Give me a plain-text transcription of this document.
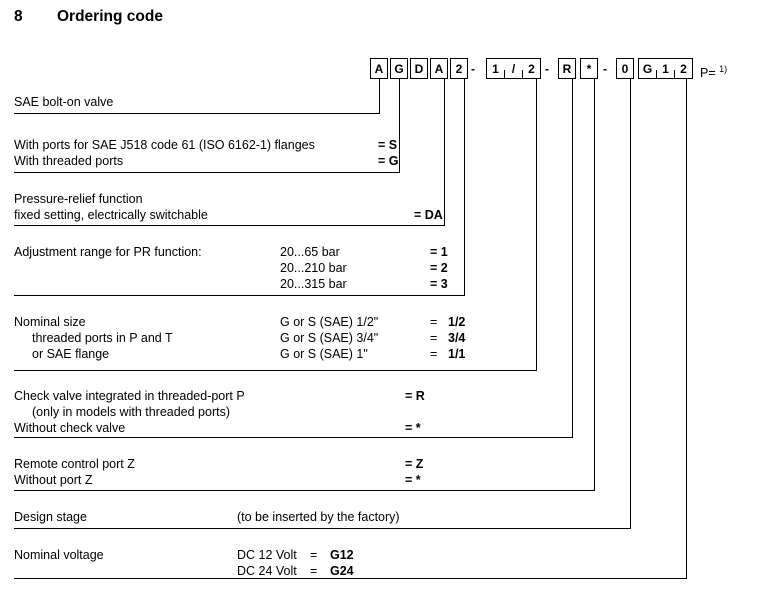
8 Ordering code
A G D A	2 -	1	/	2 -	R	* -	0	G 1 2	P= $^{1)}$
SAE bolt-on valve
With ports for SAE J518 code 61 (ISO 6162-1) flanges	= S
With threaded ports	= G
Pressure-relief function
fixed setting, electrically switchable	= DA
Adjustment range for PR function:	20...65 bar	= 1
20...210 bar	= 2
20...315 bar	= 3
Nominal size	G or S (SAE) 1/2"	= 1/2
threaded ports in P and T	G or S (SAE) 3/4"	= 3/4
or SAE flange	G or S (SAE) 1"	= 1/1
Check valve integrated in threaded-port P	= R
(only in models with threaded ports)
Without check valve	= *
Remote control port Z	= Z
Without port Z	= *
Design stage	(to be inserted by the factory)
Nominal voltage	DC 12 Volt = G12
DC 24 Volt = G24
